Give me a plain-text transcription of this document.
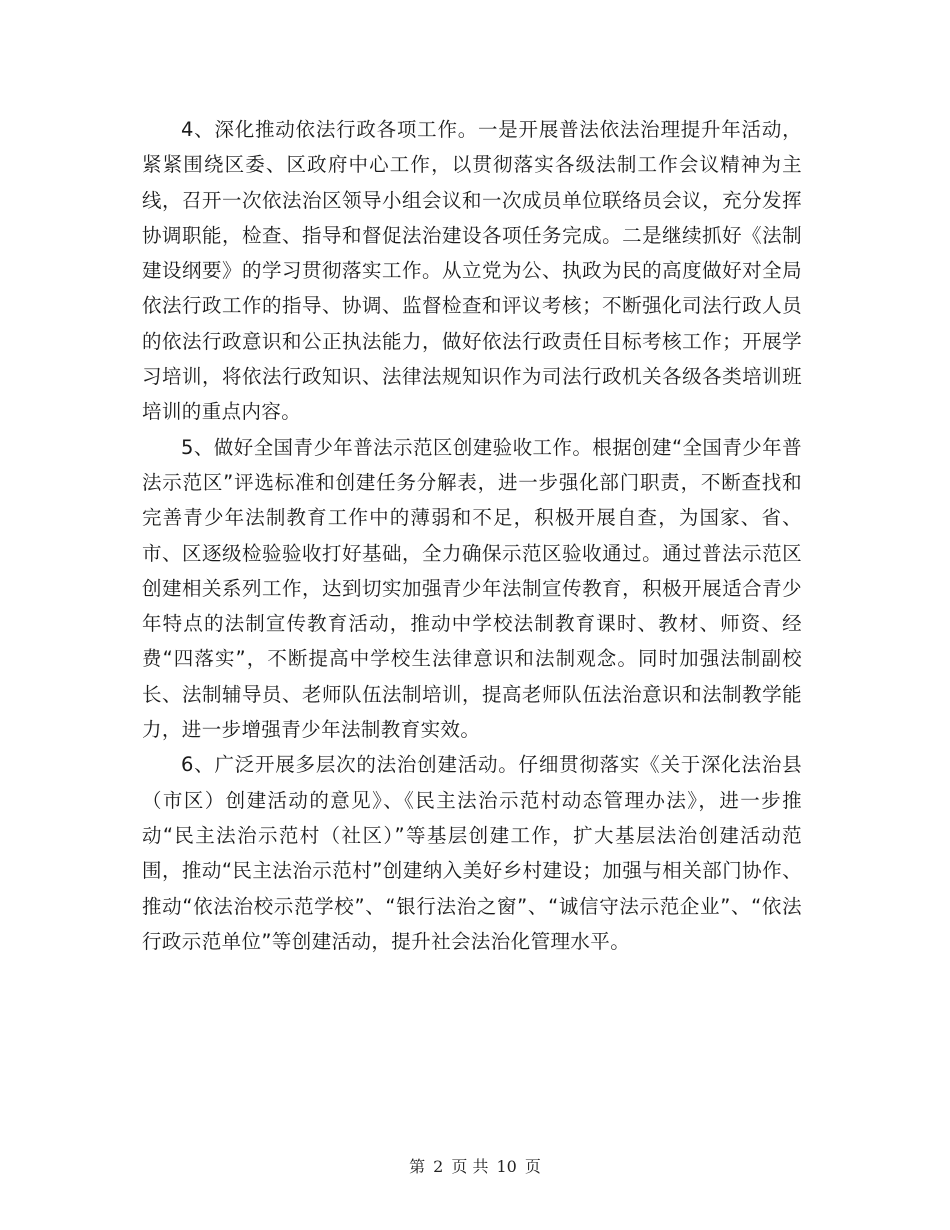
4、深化推动依法行政各项工作。一是开展普法依法治理提升年活动，紧紧围绕区委、区政府中心工作，以贯彻落实各级法制工作会议精神为主线，召开一次依法治区领导小组会议和一次成员单位联络员会议，充分发挥协调职能，检查、指导和督促法治建设各项任务完成。二是继续抓好《法制建设纲要》的学习贯彻落实工作。从立党为公、执政为民的高度做好对全局依法行政工作的指导、协调、监督检查和评议考核；不断强化司法行政人员的依法行政意识和公正执法能力，做好依法行政责任目标考核工作；开展学习培训，将依法行政知识、法律法规知识作为司法行政机关各级各类培训班培训的重点内容。

5、做好全国青少年普法示范区创建验收工作。根据创建“全国青少年普法示范区”评选标准和创建任务分解表，进一步强化部门职责，不断查找和完善青少年法制教育工作中的薄弱和不足，积极开展自查，为国家、省、市、区逐级检验验收打好基础，全力确保示范区验收通过。通过普法示范区创建相关系列工作，达到切实加强青少年法制宣传教育，积极开展适合青少年特点的法制宣传教育活动，推动中学校法制教育课时、教材、师资、经费“四落实”，不断提高中学校生法律意识和法制观念。同时加强法制副校长、法制辅导员、老师队伍法制培训，提高老师队伍法治意识和法制教学能力，进一步增强青少年法制教育实效。

6、广泛开展多层次的法治创建活动。仔细贯彻落实《关于深化法治县（市区）创建活动的意见》、《民主法治示范村动态管理办法》，进一步推动“民主法治示范村（社区）”等基层创建工作，扩大基层法治创建活动范围，推动“民主法治示范村”创建纳入美好乡村建设；加强与相关部门协作、推动“依法治校示范学校”、“银行法治之窗”、“诚信守法示范企业”、“依法行政示范单位”等创建活动，提升社会法治化管理水平。

第 2 页 共 10 页
